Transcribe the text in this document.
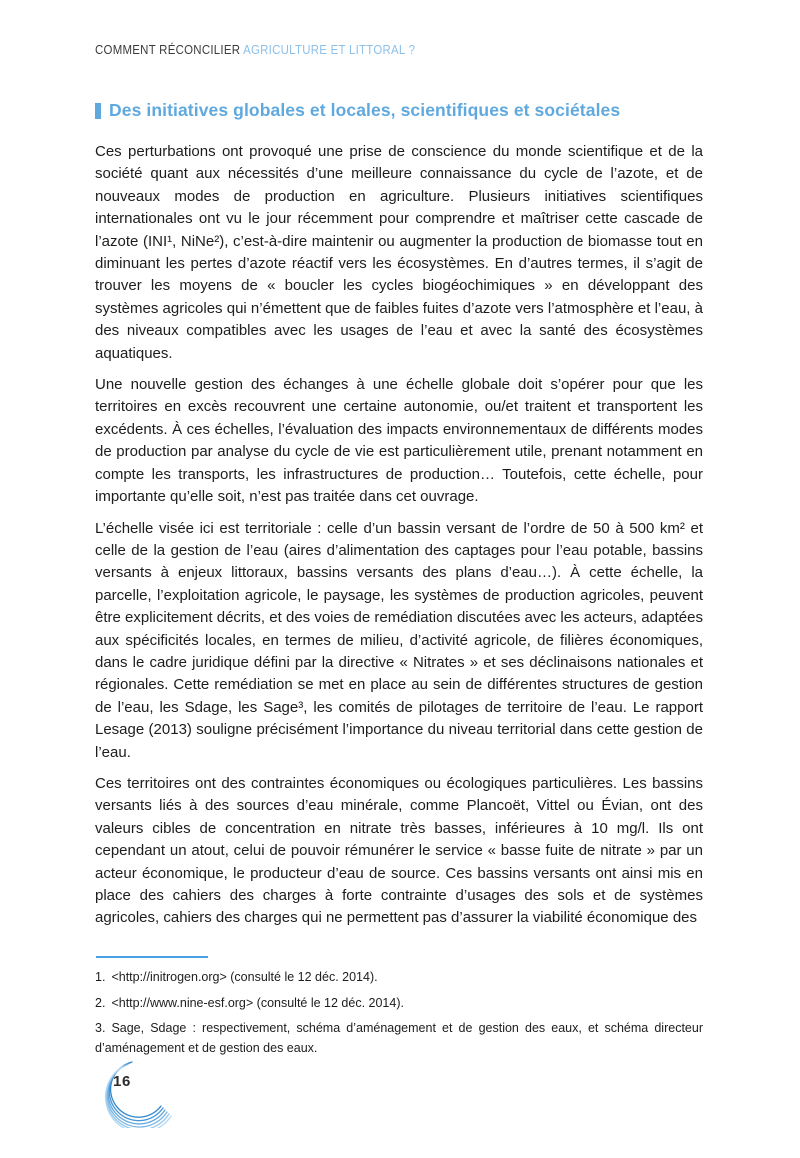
COMMENT RÉCONCILIER AGRICULTURE ET LITTORAL ?
Des initiatives globales et locales, scientifiques et sociétales

Ces perturbations ont provoqué une prise de conscience du monde scientifique et de la société quant aux nécessités d’une meilleure connaissance du cycle de l’azote, et de nouveaux modes de production en agriculture. Plusieurs initiatives scientifiques internationales ont vu le jour récemment pour comprendre et maîtriser cette cascade de l’azote (INI¹, NiNe²), c’est-à-dire maintenir ou augmenter la production de biomasse tout en diminuant les pertes d’azote réactif vers les écosystèmes. En d’autres termes, il s’agit de trouver les moyens de « boucler les cycles biogéochimiques » en développant des systèmes agricoles qui n’émettent que de faibles fuites d’azote vers l’atmosphère et l’eau, à des niveaux compatibles avec les usages de l’eau et avec la santé des écosystèmes aquatiques.

Une nouvelle gestion des échanges à une échelle globale doit s’opérer pour que les territoires en excès recouvrent une certaine autonomie, ou/et traitent et transportent les excédents. À ces échelles, l’évaluation des impacts environnementaux de différents modes de production par analyse du cycle de vie est particulièrement utile, prenant notamment en compte les transports, les infrastructures de production… Toutefois, cette échelle, pour importante qu’elle soit, n’est pas traitée dans cet ouvrage.

L’échelle visée ici est territoriale : celle d’un bassin versant de l’ordre de 50 à 500 km² et celle de la gestion de l’eau (aires d’alimentation des captages pour l’eau potable, bassins versants à enjeux littoraux, bassins versants des plans d’eau…). À cette échelle, la parcelle, l’exploitation agricole, le paysage, les systèmes de production agricoles, peuvent être explicitement décrits, et des voies de remédiation discutées avec les acteurs, adaptées aux spécificités locales, en termes de milieu, d’activité agricole, de filières économiques, dans le cadre juridique défini par la directive « Nitrates » et ses déclinaisons nationales et régionales. Cette remédiation se met en place au sein de différentes structures de gestion de l’eau, les Sdage, les Sage³, les comités de pilotages de territoire de l’eau. Le rapport Lesage (2013) souligne précisément l’importance du niveau territorial dans cette gestion de l’eau.

Ces territoires ont des contraintes économiques ou écologiques particulières. Les bassins versants liés à des sources d’eau minérale, comme Plancoët, Vittel ou Évian, ont des valeurs cibles de concentration en nitrate très basses, inférieures à 10 mg/l. Ils ont cependant un atout, celui de pouvoir rémunérer le service « basse fuite de nitrate » par un acteur économique, le producteur d’eau de source. Ces bassins versants ont ainsi mis en place des cahiers des charges à forte contrainte d’usages des sols et de systèmes agricoles, cahiers des charges qui ne permettent pas d’assurer la viabilité économique des

1. <http://initrogen.org> (consulté le 12 déc. 2014).

2. <http://www.nine-esf.org> (consulté le 12 déc. 2014).

3. Sage, Sdage : respectivement, schéma d’aménagement et de gestion des eaux, et schéma directeur d’aménagement et de gestion des eaux.

16
